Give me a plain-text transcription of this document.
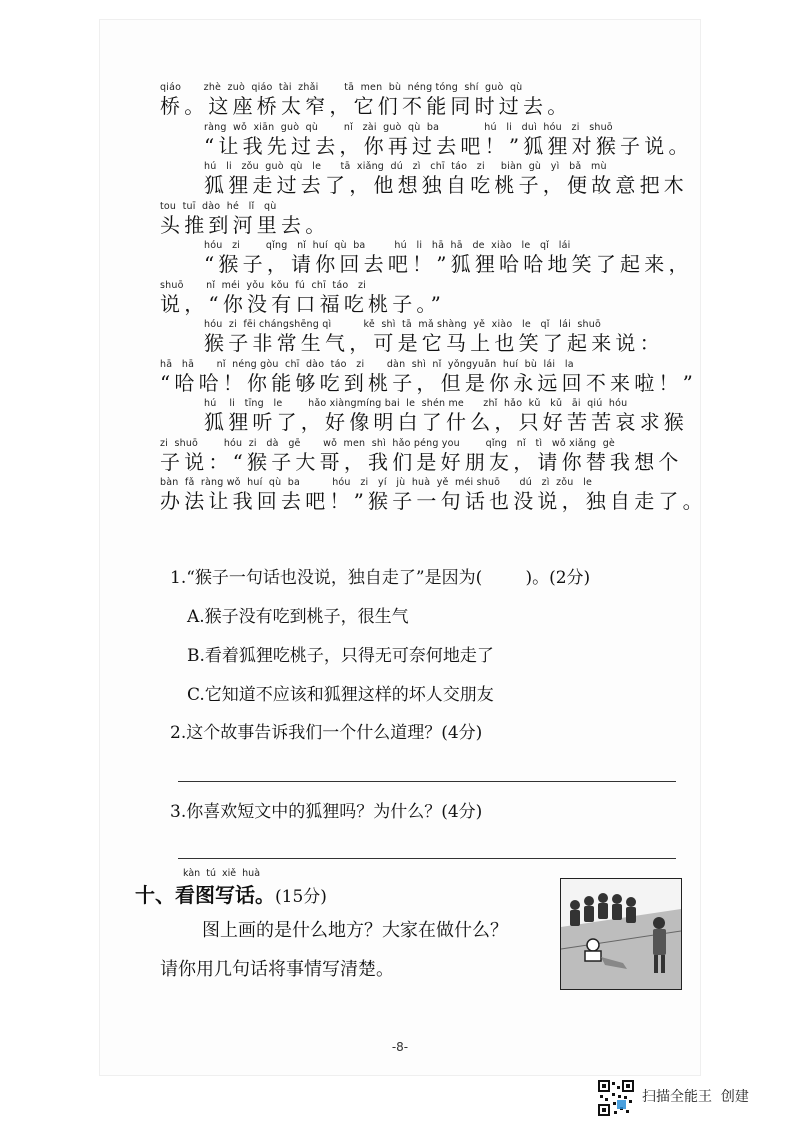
qiáo       zhè  zuò  qiáo  tài  zhǎi        tā  men  bù  néng tóng  shí  guò  qù
桥。这座桥太窄，它们不能同时过去。
ràng  wǒ  xiān  guò  qù        nǐ   zài  guò  qù  ba              hú   li   duì  hóu   zi   shuō
“让我先过去，你再过去吧！”狐狸对猴子说。
hú   li   zǒu  guò  qù   le      tā  xiǎng  dú   zì   chī  táo   zi     biàn  gù   yì   bǎ   mù
狐狸走过去了，他想独自吃桃子，便故意把木
tou  tuī  dào  hé   lǐ   qù
头推到河里去。
hóu   zi        qǐng   nǐ  huí  qù  ba         hú   li   hā  hā   de  xiào   le   qǐ   lái
“猴子，请你回去吧！”狐狸哈哈地笑了起来，
shuō       nǐ  méi  yǒu  kǒu  fú  chī  táo   zi
说，“你没有口福吃桃子。”
hóu  zi  fēi chángshēng qì          kě  shì  tā  mǎ shàng  yě  xiào   le   qǐ   lái  shuō
猴子非常生气，可是它马上也笑了起来说：
hā   hā       nǐ  néng gòu  chī  dào  táo   zi       dàn  shì  nǐ  yǒngyuǎn  huí  bù  lái   la
“哈哈！你能够吃到桃子，但是你永远回不来啦！”
hú    li   tīng   le        hǎo xiàngmíng bai  le  shén me      zhǐ  hǎo  kǔ   kǔ   āi  qiú  hóu
狐狸听了，好像明白了什么，只好苦苦哀求猴
zi  shuō        hóu  zi   dà   gē       wǒ  men  shì  hǎo péng you        qǐng   nǐ   tì   wǒ xiǎng  gè
子说：“猴子大哥，我们是好朋友，请你替我想个
bàn  fǎ  ràng wǒ  huí  qù  ba          hóu   zi   yí   jù  huà  yě  méi shuō      dú   zì  zǒu   le
办法让我回去吧！”猴子一句话也没说，独自走了。
1.“猴子一句话也没说，独自走了”是因为(        )。(2分)
A.猴子没有吃到桃子，很生气
B.看着狐狸吃桃子，只得无可奈何地走了
C.它知道不应该和狐狸这样的坏人交朋友
2.这个故事告诉我们一个什么道理？(4分)
3.你喜欢短文中的狐狸吗？为什么？(4分)
kàn  tú  xiě  huà
十、看图写话。(15分)
图上画的是什么地方？大家在做什么？
请你用几句话将事情写清楚。
-8-
扫描全能王  创建
